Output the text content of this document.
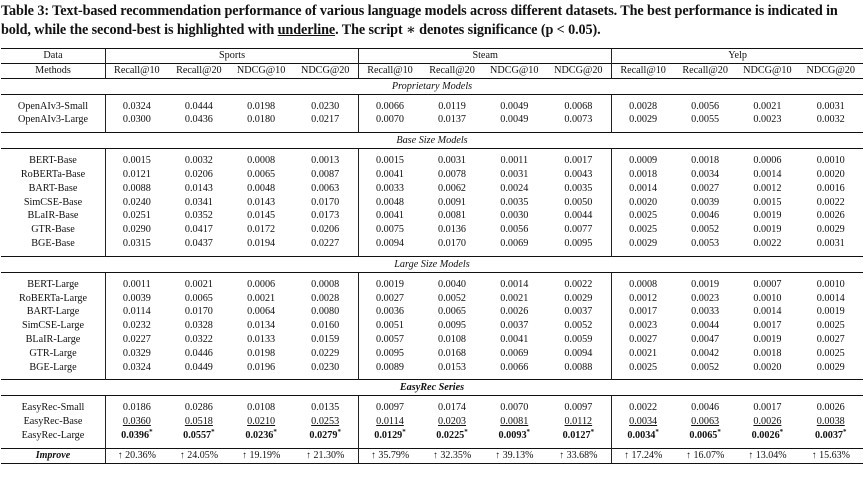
Table 3: Text-based recommendation performance of various language models across different datasets. The best performance is indicated in bold, while the second-best is highlighted with underline. The script ∗ denotes significance (p < 0.05).
Data	Sports				Steam				Yelp			
Methods	Recall@10	Recall@20	NDCG@10	NDCG@20	Recall@10	Recall@20	NDCG@10	NDCG@20	Recall@10	Recall@20	NDCG@10	NDCG@20
Proprietary Models												

OpenAIv3-Small	0.0324	0.0444	0.0198	0.0230	0.0066	0.0119	0.0049	0.0068	0.0028	0.0056	0.0021	0.0031
OpenAIv3-Large	0.0300	0.0436	0.0180	0.0217	0.0070	0.0137	0.0049	0.0073	0.0029	0.0055	0.0023	0.0032

Base Size Models												

BERT-Base	0.0015	0.0032	0.0008	0.0013	0.0015	0.0031	0.0011	0.0017	0.0009	0.0018	0.0006	0.0010
RoBERTa-Base	0.0121	0.0206	0.0065	0.0087	0.0041	0.0078	0.0031	0.0043	0.0018	0.0034	0.0014	0.0020
BART-Base	0.0088	0.0143	0.0048	0.0063	0.0033	0.0062	0.0024	0.0035	0.0014	0.0027	0.0012	0.0016
SimCSE-Base	0.0240	0.0341	0.0143	0.0170	0.0048	0.0091	0.0035	0.0050	0.0020	0.0039	0.0015	0.0022
BLaIR-Base	0.0251	0.0352	0.0145	0.0173	0.0041	0.0081	0.0030	0.0044	0.0025	0.0046	0.0019	0.0026
GTR-Base	0.0290	0.0417	0.0172	0.0206	0.0075	0.0136	0.0056	0.0077	0.0025	0.0052	0.0019	0.0029
BGE-Base	0.0315	0.0437	0.0194	0.0227	0.0094	0.0170	0.0069	0.0095	0.0029	0.0053	0.0022	0.0031

Large Size Models												

BERT-Large	0.0011	0.0021	0.0006	0.0008	0.0019	0.0040	0.0014	0.0022	0.0008	0.0019	0.0007	0.0010
RoBERTa-Large	0.0039	0.0065	0.0021	0.0028	0.0027	0.0052	0.0021	0.0029	0.0012	0.0023	0.0010	0.0014
BART-Large	0.0114	0.0170	0.0064	0.0080	0.0036	0.0065	0.0026	0.0037	0.0017	0.0033	0.0014	0.0019
SimCSE-Large	0.0232	0.0328	0.0134	0.0160	0.0051	0.0095	0.0037	0.0052	0.0023	0.0044	0.0017	0.0025
BLaIR-Large	0.0227	0.0322	0.0133	0.0159	0.0057	0.0108	0.0041	0.0059	0.0027	0.0047	0.0019	0.0027
GTR-Large	0.0329	0.0446	0.0198	0.0229	0.0095	0.0168	0.0069	0.0094	0.0021	0.0042	0.0018	0.0025
BGE-Large	0.0324	0.0449	0.0196	0.0230	0.0089	0.0153	0.0066	0.0088	0.0025	0.0052	0.0020	0.0029

EasyRec Series												

EasyRec-Small	0.0186	0.0286	0.0108	0.0135	0.0097	0.0174	0.0070	0.0097	0.0022	0.0046	0.0017	0.0026
EasyRec-Base	0.0360	0.0518	0.0210	0.0253	0.0114	0.0203	0.0081	0.0112	0.0034	0.0063	0.0026	0.0038
EasyRec-Large	0.0396*	0.0557*	0.0236*	0.0279*	0.0129*	0.0225*	0.0093*	0.0127*	0.0034*	0.0065*	0.0026*	0.0037*

Improve	↑ 20.36%	↑ 24.05%	↑ 19.19%	↑ 21.30%	↑ 35.79%	↑ 32.35%	↑ 39.13%	↑ 33.68%	↑ 17.24%	↑ 16.07%	↑ 13.04%	↑ 15.63%
